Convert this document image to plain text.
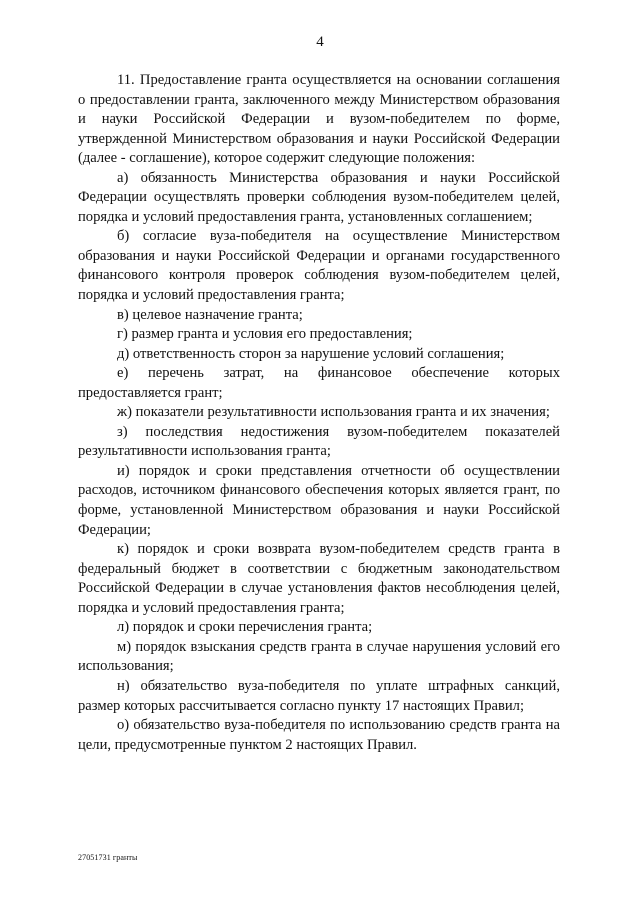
4

11. Предоставление гранта осуществляется на основании соглашения о предоставлении гранта, заключенного между Министерством образования и науки Российской Федерации и вузом-победителем по форме, утвержденной Министерством образования и науки Российской Федерации (далее - соглашение), которое содержит следующие положения:

а) обязанность Министерства образования и науки Российской Федерации осуществлять проверки соблюдения вузом-победителем целей, порядка и условий предоставления гранта, установленных соглашением;

б) согласие вуза-победителя на осуществление Министерством образования и науки Российской Федерации и органами государственного финансового контроля проверок соблюдения вузом-победителем целей, порядка и условий предоставления гранта;

в) целевое назначение гранта;

г) размер гранта и условия его предоставления;

д) ответственность сторон за нарушение условий соглашения;

е) перечень затрат, на финансовое обеспечение которых предоставляется грант;

ж) показатели результативности использования гранта и их значения;

з) последствия недостижения вузом-победителем показателей результативности использования гранта;

и) порядок и сроки представления отчетности об осуществлении расходов, источником финансового обеспечения которых является грант, по форме, установленной Министерством образования и науки Российской Федерации;

к) порядок и сроки возврата вузом-победителем средств гранта в федеральный бюджет в соответствии с бюджетным законодательством Российской Федерации в случае установления фактов несоблюдения целей, порядка и условий предоставления гранта;

л) порядок и сроки перечисления гранта;

м) порядок взыскания средств гранта в случае нарушения условий его использования;

н) обязательство вуза-победителя по уплате штрафных санкций, размер которых рассчитывается согласно пункту 17 настоящих Правил;

о) обязательство вуза-победителя по использованию средств гранта на цели, предусмотренные пунктом 2 настоящих Правил.

27051731 гранты
